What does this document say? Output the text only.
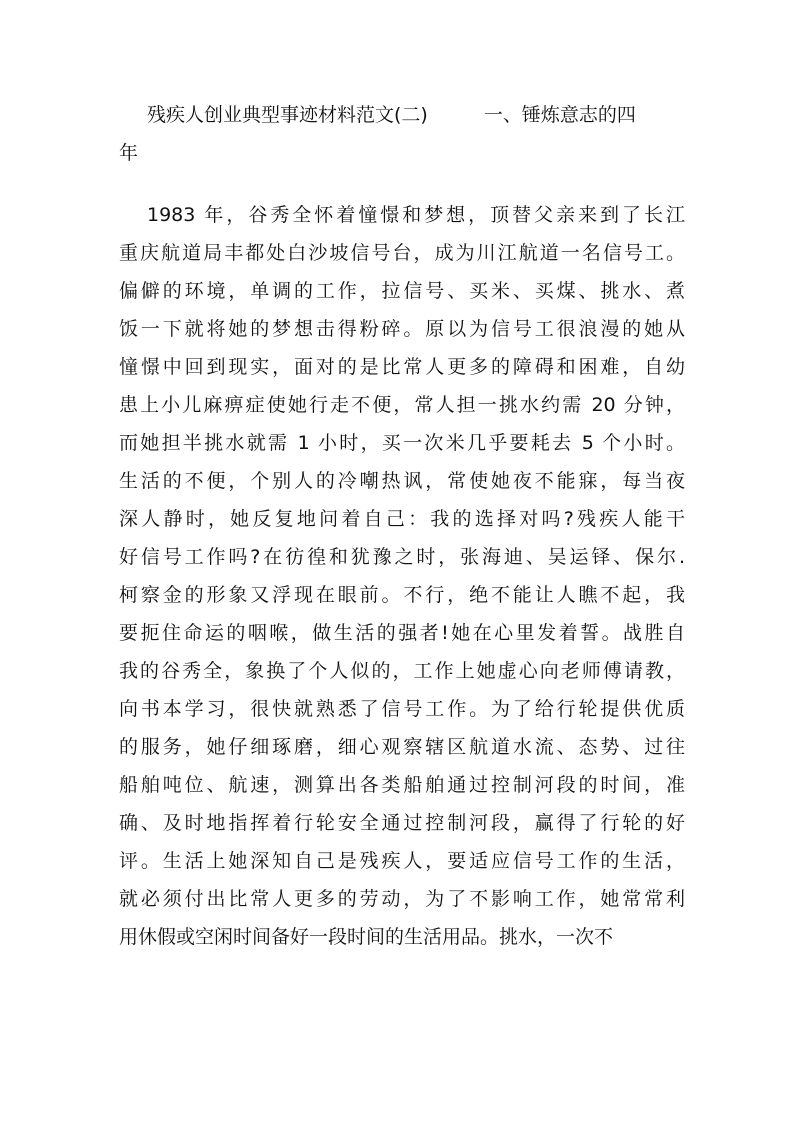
残疾人创业典型事迹材料范文(二)	一、锤炼意志的四
年
1983 年，谷秀全怀着憧憬和梦想，顶替父亲来到了长江
重庆航道局丰都处白沙坡信号台，成为川江航道一名信号工。
偏僻的环境，单调的工作，拉信号、买米、买煤、挑水、煮
饭一下就将她的梦想击得粉碎。原以为信号工很浪漫的她从
憧憬中回到现实，面对的是比常人更多的障碍和困难，自幼
患上小儿麻痹症使她行走不便，常人担一挑水约需 20 分钟，
而她担半挑水就需 1 小时，买一次米几乎要耗去 5 个小时。
生活的不便，个别人的冷嘲热讽，常使她夜不能寐，每当夜
深人静时，她反复地问着自己：我的选择对吗?残疾人能干
好信号工作吗?在彷徨和犹豫之时，张海迪、吴运铎、保尔.
柯察金的形象又浮现在眼前。不行，绝不能让人瞧不起，我
要扼住命运的咽喉，做生活的强者!她在心里发着誓。战胜自
我的谷秀全，象换了个人似的，工作上她虚心向老师傅请教，
向书本学习，很快就熟悉了信号工作。为了给行轮提供优质
的服务，她仔细琢磨，细心观察辖区航道水流、态势、过往
船舶吨位、航速，测算出各类船舶通过控制河段的时间，准
确、及时地指挥着行轮安全通过控制河段，赢得了行轮的好
评。生活上她深知自己是残疾人，要适应信号工作的生活，
就必须付出比常人更多的劳动，为了不影响工作，她常常利
用休假或空闲时间备好一段时间的生活用品。挑水，一次不
